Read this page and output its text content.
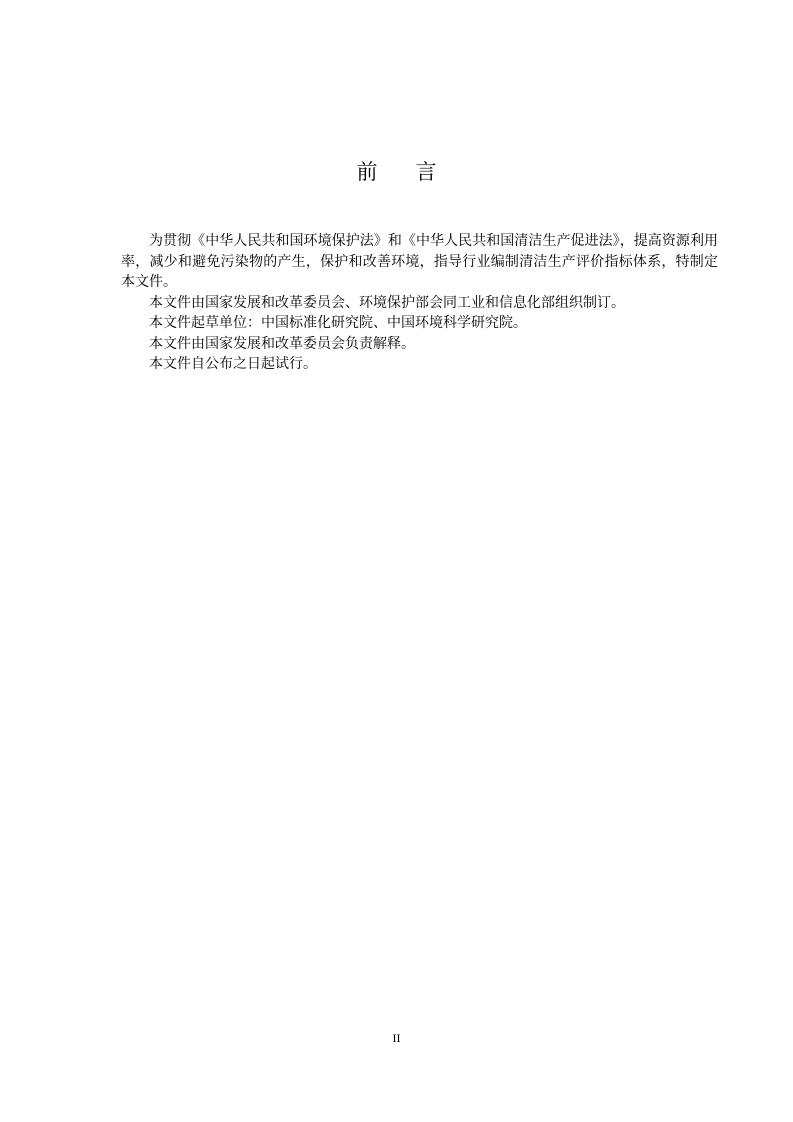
前言

为贯彻《中华人民共和国环境保护法》和《中华人民共和国清洁生产促进法》，提高资源利用率，减少和避免污染物的产生，保护和改善环境，指导行业编制清洁生产评价指标体系，特制定本文件。

本文件由国家发展和改革委员会、环境保护部会同工业和信息化部组织制订。

本文件起草单位：中国标准化研究院、中国环境科学研究院。

本文件由国家发展和改革委员会负责解释。

本文件自公布之日起试行。

II
